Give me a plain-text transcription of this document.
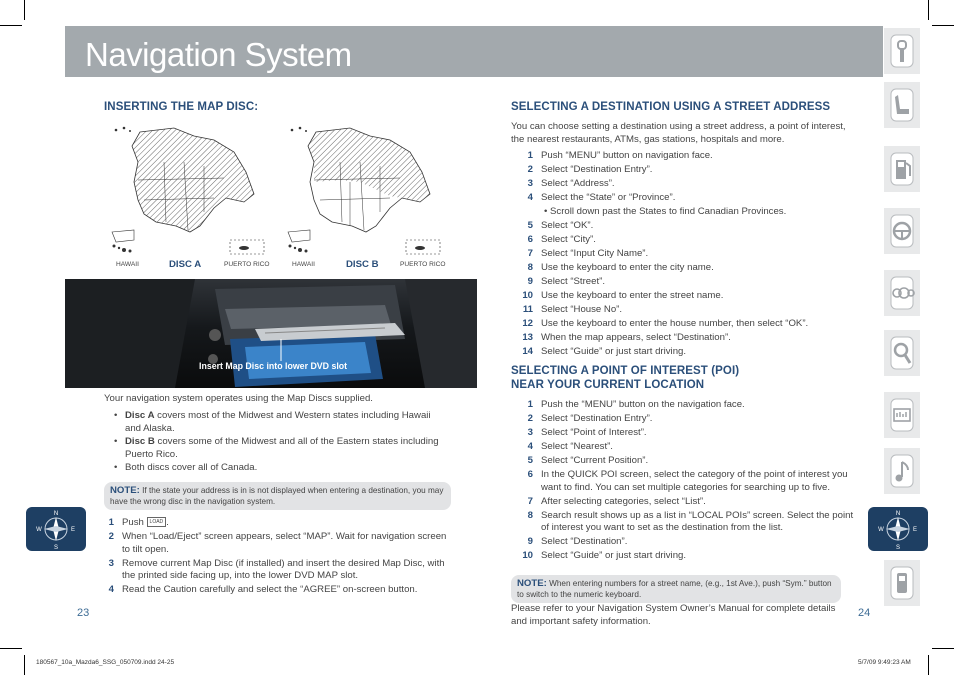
Navigation System
N
S
W	E
N
S
W	E
INSERTING THE MAP DISC:
HAWAII	DISC A	PUERTO RICO	HAWAII	DISC B	PUERTO RICO
Insert Map Disc into lower DVD slot
Your navigation system operates using the Map Discs supplied.
• Disc A covers most of the Midwest and Western states including Hawaii and Alaska.
• Disc B covers some of the Midwest and all of the Eastern states including Puerto Rico.
• Both discs cover all of Canada.
NOTE: If the state your address is in is not displayed when entering a destination, you may have the wrong disc in the navigation system.
1 Push LOAD .
2 When “Load/Eject” screen appears, select “MAP”. Wait for navigation screen to tilt open.
3 Remove current Map Disc (if installed) and insert the desired Map Disc, with the printed side facing up, into the lower DVD MAP slot.
4 Read the Caution carefully and select the “AGREE” on-screen button.
23
SELECTING A DESTINATION USING A STREET ADDRESS
You can choose setting a destination using a street address, a point of interest, the nearest restaurants, ATMs, gas stations, hospitals and more.
1 Push “MENU” button on navigation face.
2 Select “Destination Entry”.
3 Select “Address”.
4 Select the “State” or “Province”.
• Scroll down past the States to find Canadian Provinces.
5 Select “OK”.
6 Select “City”.
7 Select “Input City Name”.
8 Use the keyboard to enter the city name.
9 Select “Street”.
10 Use the keyboard to enter the street name.
11 Select “House No”.
12 Use the keyboard to enter the house number, then select “OK”.
13 When the map appears, select “Destination”.
14 Select “Guide” or just start driving.
SELECTING A POINT OF INTEREST (POI)
NEAR YOUR CURRENT LOCATION
1 Push the “MENU” button on the navigation face.
2 Select “Destination Entry”.
3 Select “Point of Interest”.
4 Select “Nearest”.
5 Select “Current Position”.
6 In the QUICK POI screen, select the category of the point of interest you want to find. You can set multiple categories for searching up to five.
7 After selecting categories, select “List”.
8 Search result shows up as a list in “LOCAL POIs” screen. Select the point of interest you want to set as the destination from the list.
9 Select “Destination”.
10 Select “Guide” or just start driving.
NOTE: When entering numbers for a street name, (e.g., 1st Ave.), push “Sym.” button to switch to the numeric keyboard.
Please refer to your Navigation System Owner’s Manual for complete details and important safety information.
24
180567_10a_Mazda6_SSG_050709.indd 24-25	5/7/09 9:49:23 AM
